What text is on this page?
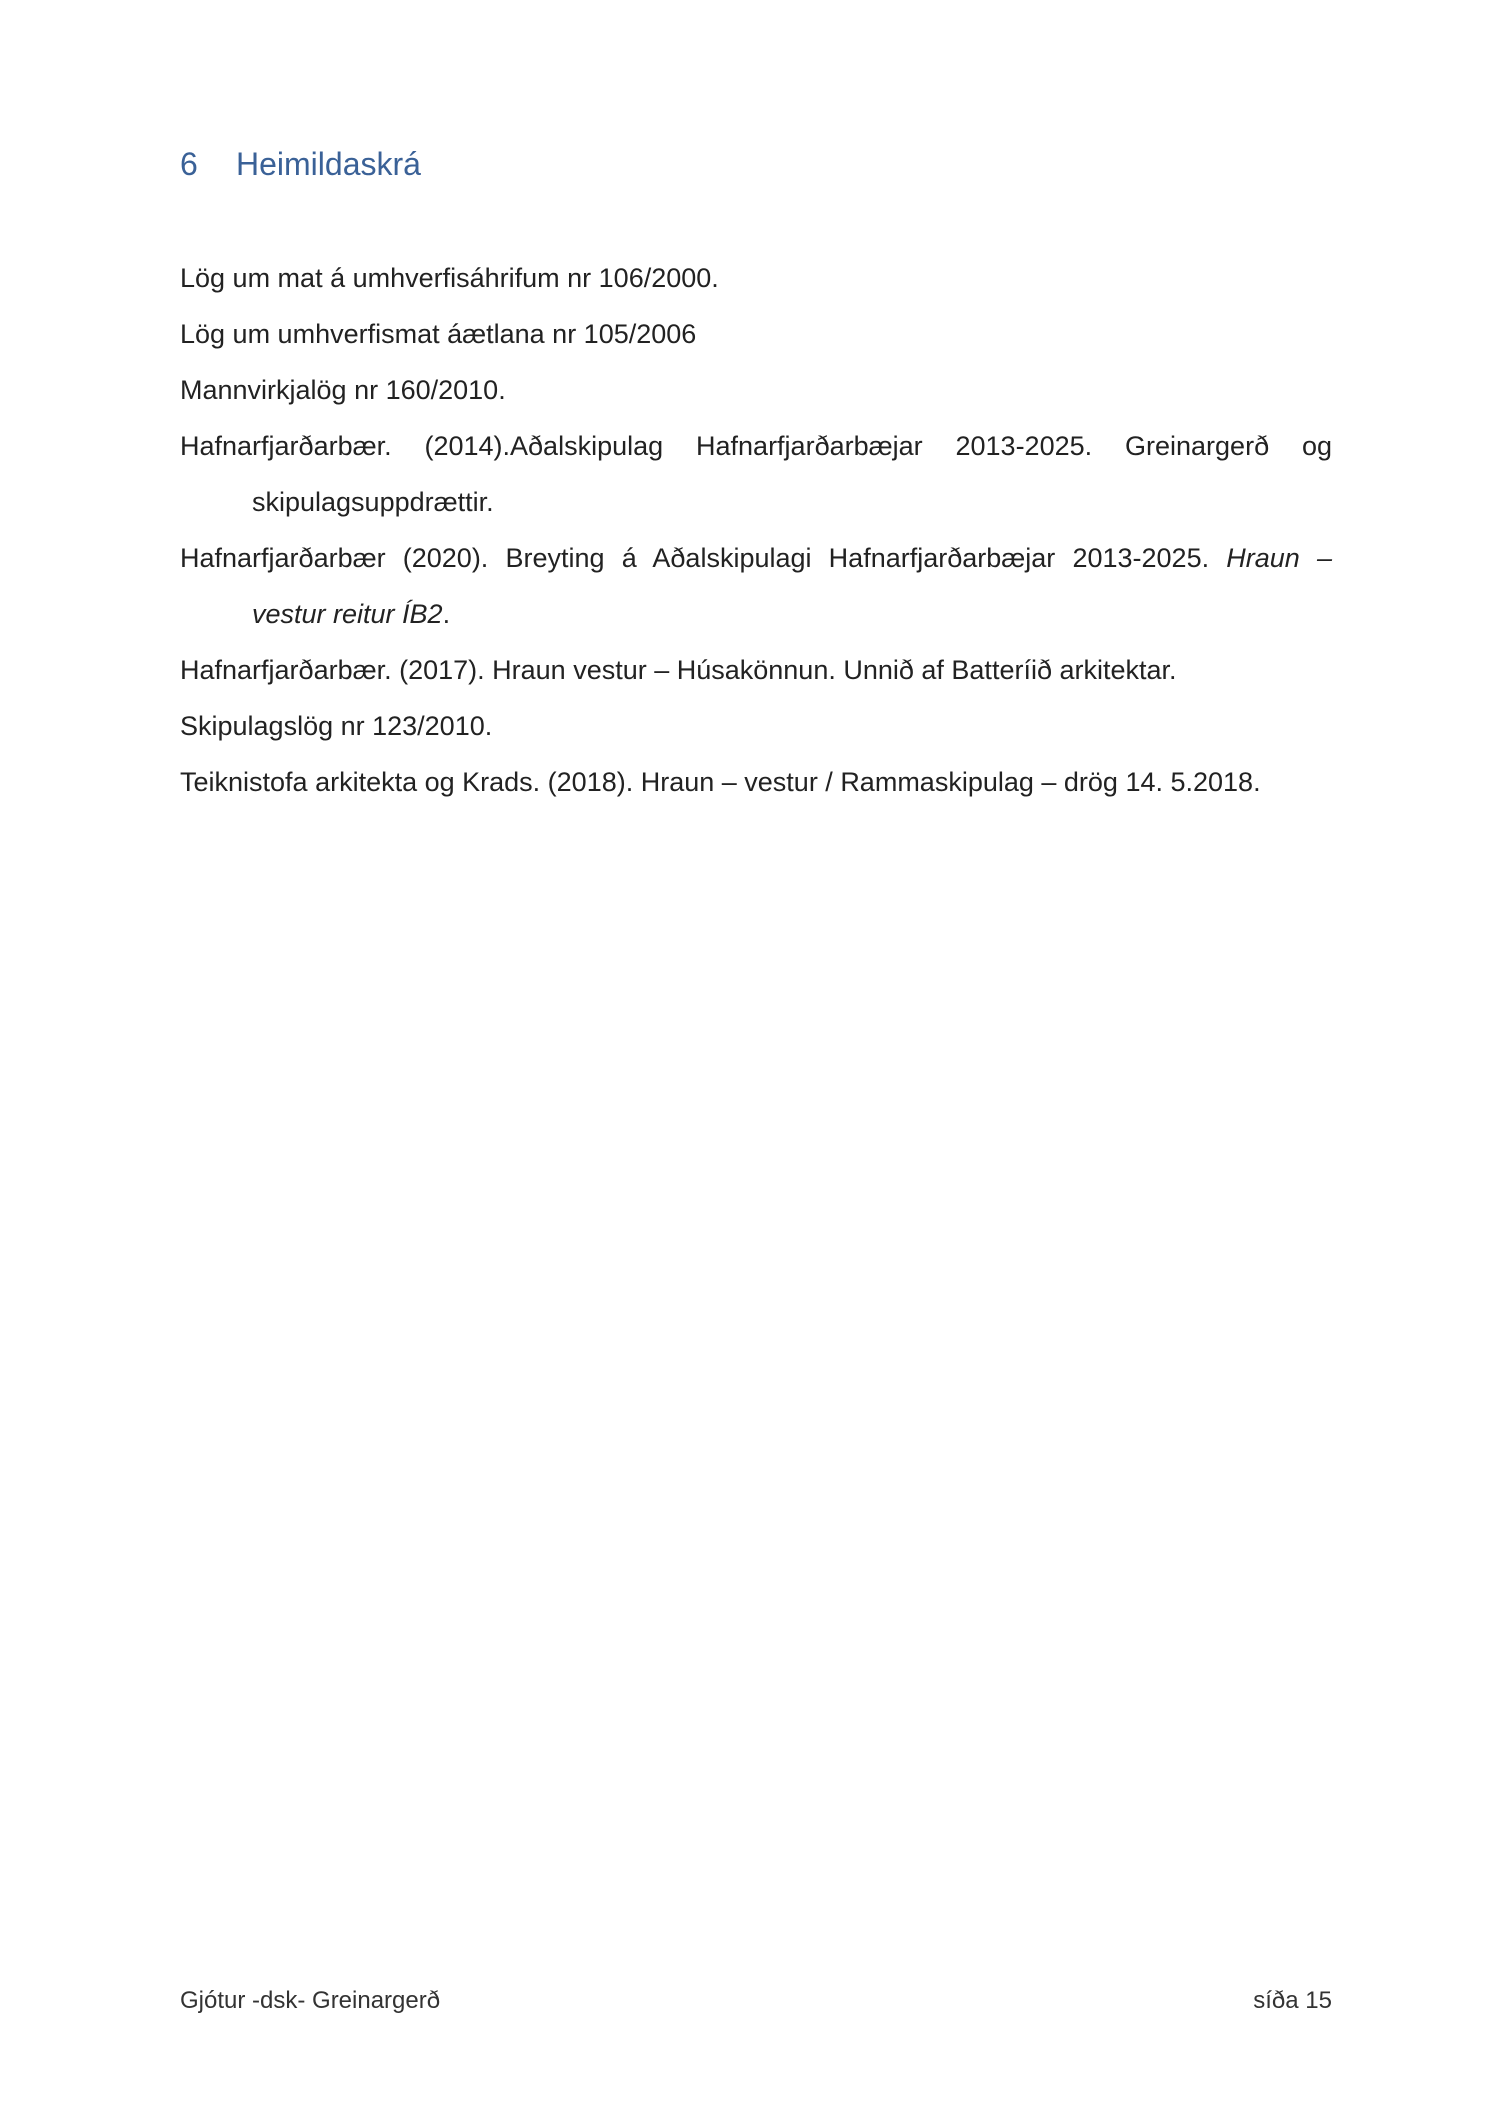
6 Heimildaskrá
Lög um mat á umhverfisáhrifum nr 106/2000.
Lög um umhverfismat áætlana nr 105/2006
Mannvirkjalög nr 160/2010.
Hafnarfjarðarbær. (2014).Aðalskipulag Hafnarfjarðarbæjar 2013-2025. Greinargerð og skipulagsuppdrættir.
Hafnarfjarðarbær (2020). Breyting á Aðalskipulagi Hafnarfjarðarbæjar 2013-2025. Hraun – vestur reitur ÍB2.
Hafnarfjarðarbær. (2017). Hraun vestur – Húsakönnun. Unnið af Batteríið arkitektar.
Skipulagslög nr 123/2010.
Teiknistofa arkitekta og Krads. (2018). Hraun – vestur / Rammaskipulag – drög 14. 5.2018.
Gjótur -dsk- Greinargerð	síða 15
